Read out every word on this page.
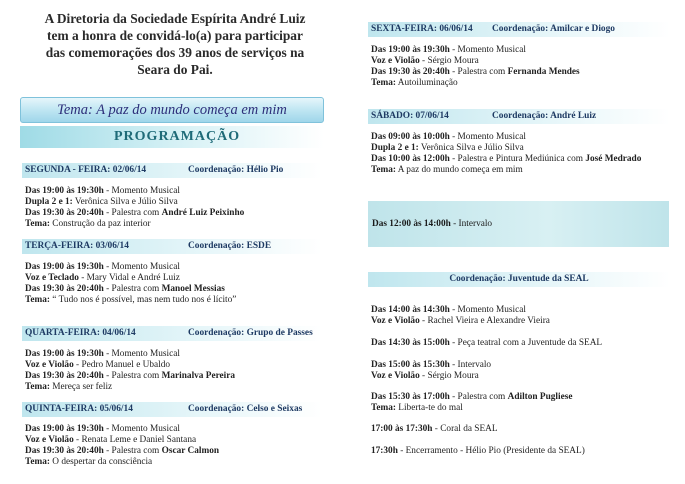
A Diretoria da Sociedade Espírita André Luiz
tem a honra de convidá-lo(a) para participar
das comemorações dos 39 anos de serviços na
Seara do Pai.
Tema: A paz do mundo começa em mim
PROGRAMAÇÃO
SEGUNDA - FEIRA: 02/06/14	Coordenação: Hélio Pio
Das 19:00 às 19:30h - Momento Musical
Dupla 2 e 1: Verônica Silva e Júlio Silva
Das 19:30 às 20:40h - Palestra com André Luiz Peixinho
Tema: Construção da paz interior
TERÇA-FEIRA: 03/06/14	Coordenação: ESDE
Das 19:00 às 19:30h - Momento Musical
Voz e Teclado - Mary Vidal e André Luiz
Das 19:30 às 20:40h - Palestra com Manoel Messias
Tema: “ Tudo nos é possível, mas nem tudo nos é lícito”
QUARTA-FEIRA: 04/06/14	Coordenação: Grupo de Passes
Das 19:00 às 19:30h - Momento Musical
Voz e Violão - Pedro Manuel e Ubaldo
Das 19:30 às 20:40h - Palestra com Marinalva Pereira
Tema: Mereça ser feliz
QUINTA-FEIRA: 05/06/14	Coordenação: Celso e Seixas
Das 19:00 às 19:30h - Momento Musical
Voz e Violão - Renata Leme e Daniel Santana
Das 19:30 às 20:40h - Palestra com Oscar Calmon
Tema: O despertar da consciência
SEXTA-FEIRA: 06/06/14 Coordenação: Amilcar e Diogo
Das 19:00 às 19:30h - Momento Musical
Voz e Violão - Sérgio Moura
Das 19:30 às 20:40h - Palestra com Fernanda Mendes
Tema: Autoiluminação
SÁBADO: 07/06/14	Coordenação: André Luiz
Das 09:00 às 10:00h - Momento Musical
Dupla 2 e 1: Verônica Silva e Júlio Silva
Das 10:00 às 12:00h - Palestra e Pintura Mediúnica com José Medrado
Tema: A paz do mundo começa em mim
Das 12:00 às 14:00h - Intervalo
Coordenação: Juventude da SEAL
Das 14:00 às 14:30h - Momento Musical
Voz e Violão - Rachel Vieira e Alexandre Vieira
Das 14:30 às 15:00h - Peça teatral com a Juventude da SEAL
Das 15:00 às 15:30h - Intervalo
Voz e Violão - Sérgio Moura
Das 15:30 às 17:00h - Palestra com Adilton Pugliese
Tema: Liberta-te do mal
17:00 às 17:30h - Coral da SEAL
17:30h - Encerramento - Hélio Pio (Presidente da SEAL)
